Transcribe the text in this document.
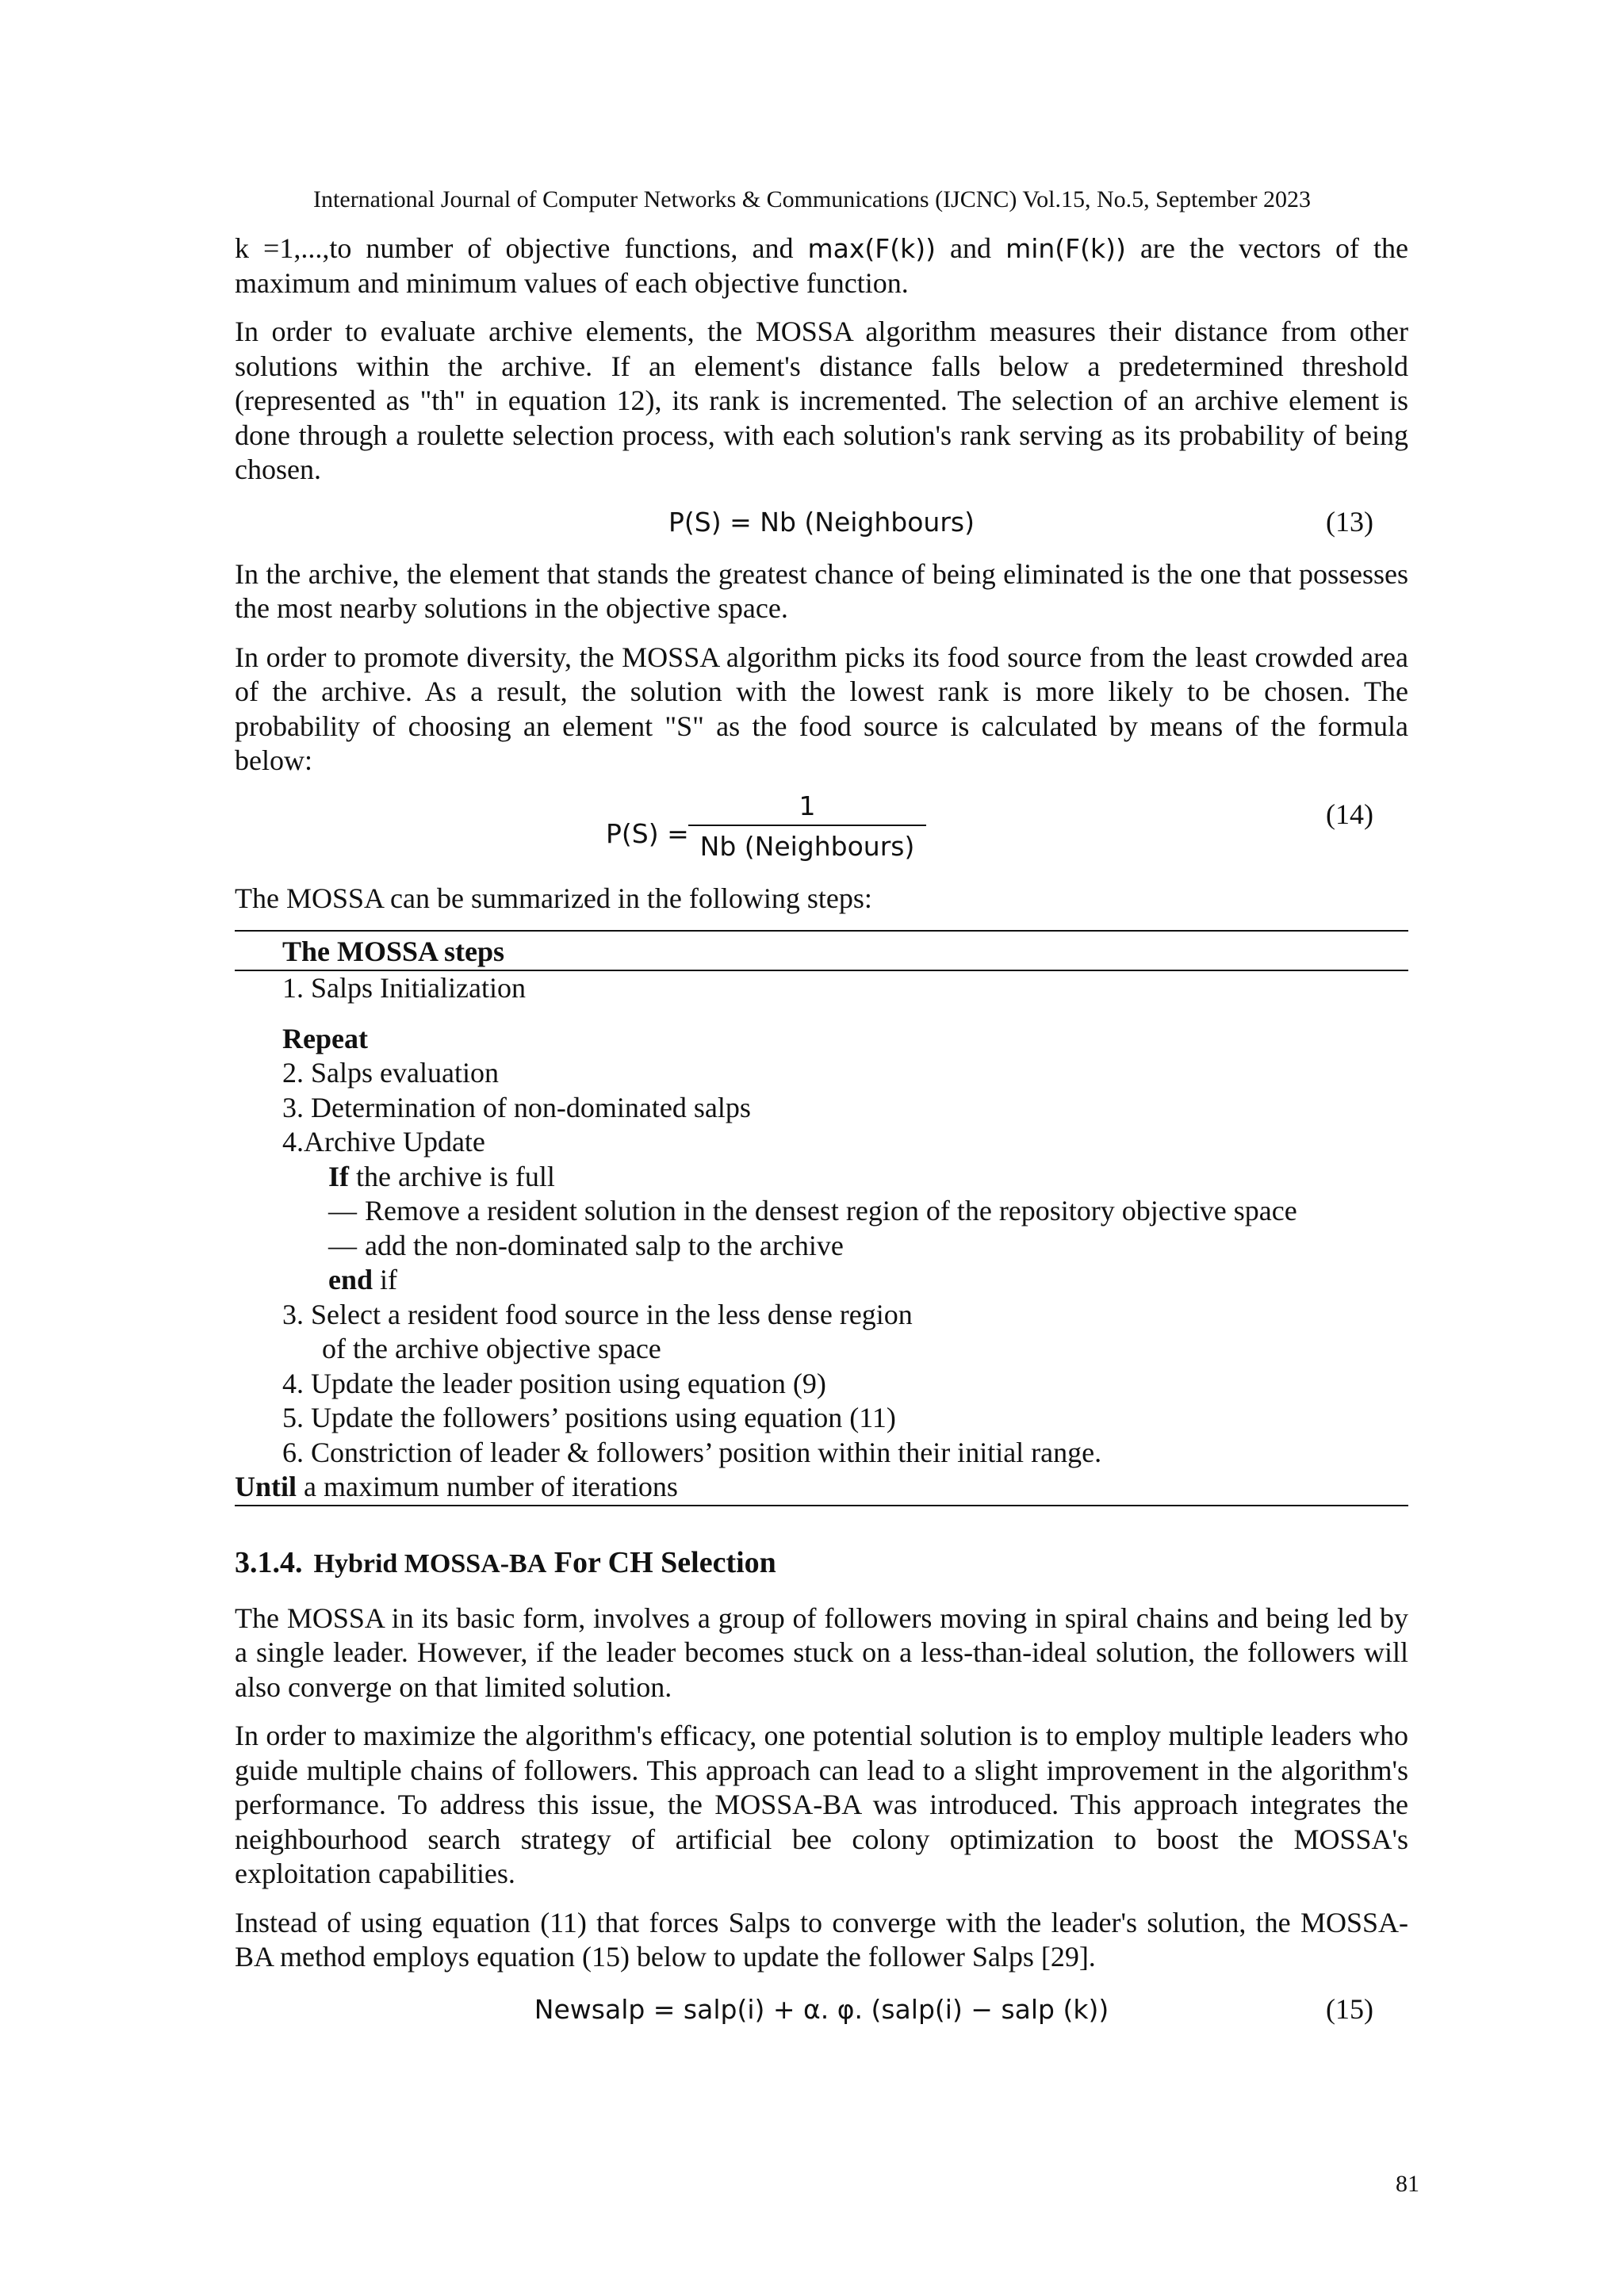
International Journal of Computer Networks & Communications (IJCNC) Vol.15, No.5, September 2023

k =1,...,to number of objective functions, and max(F(k)) and min(F(k)) are the vectors of the maximum and minimum values of each objective function.

In order to evaluate archive elements, the MOSSA algorithm measures their distance from other solutions within the archive. If an element's distance falls below a predetermined threshold (represented as "th" in equation 12), its rank is incremented. The selection of an archive element is done through a roulette selection process, with each solution's rank serving as its probability of being chosen.

P(S) = Nb (Neighbours)	(13)

In the archive, the element that stands the greatest chance of being eliminated is the one that possesses the most nearby solutions in the objective space.

In order to promote diversity, the MOSSA algorithm picks its food source from the least crowded area of the archive. As a result, the solution with the lowest rank is more likely to be chosen. The probability of choosing an element "S" as the food source is calculated by means of the formula below:

P(S) =
1
Nb (Neighbours)
(14)

The MOSSA can be summarized in the following steps:

The MOSSA steps
1. Salps Initialization
Repeat
2. Salps evaluation
3. Determination of non-dominated salps
4.Archive Update
If the archive is full
— Remove a resident solution in the densest region of the repository objective space
— add the non-dominated salp to the archive
end if
3. Select a resident food source in the less dense region
of the archive objective space
4. Update the leader position using equation (9)
5. Update the followers’ positions using equation (11)
6. Constriction of leader & followers’ position within their initial range.
Until a maximum number of iterations
3.1.4. Hybrid MOSSA-BA For CH Selection

The MOSSA in its basic form, involves a group of followers moving in spiral chains and being led by a single leader. However, if the leader becomes stuck on a less-than-ideal solution, the followers will also converge on that limited solution.

In order to maximize the algorithm's efficacy, one potential solution is to employ multiple leaders who guide multiple chains of followers. This approach can lead to a slight improvement in the algorithm's performance. To address this issue, the MOSSA-BA was introduced. This approach integrates the neighbourhood search strategy of artificial bee colony optimization to boost the MOSSA's exploitation capabilities.

Instead of using equation (11) that forces Salps to converge with the leader's solution, the MOSSA-BA method employs equation (15) below to update the follower Salps [29].

Newsalp = salp(i) + α. φ. (salp(i) − salp (k))	(15)
81
